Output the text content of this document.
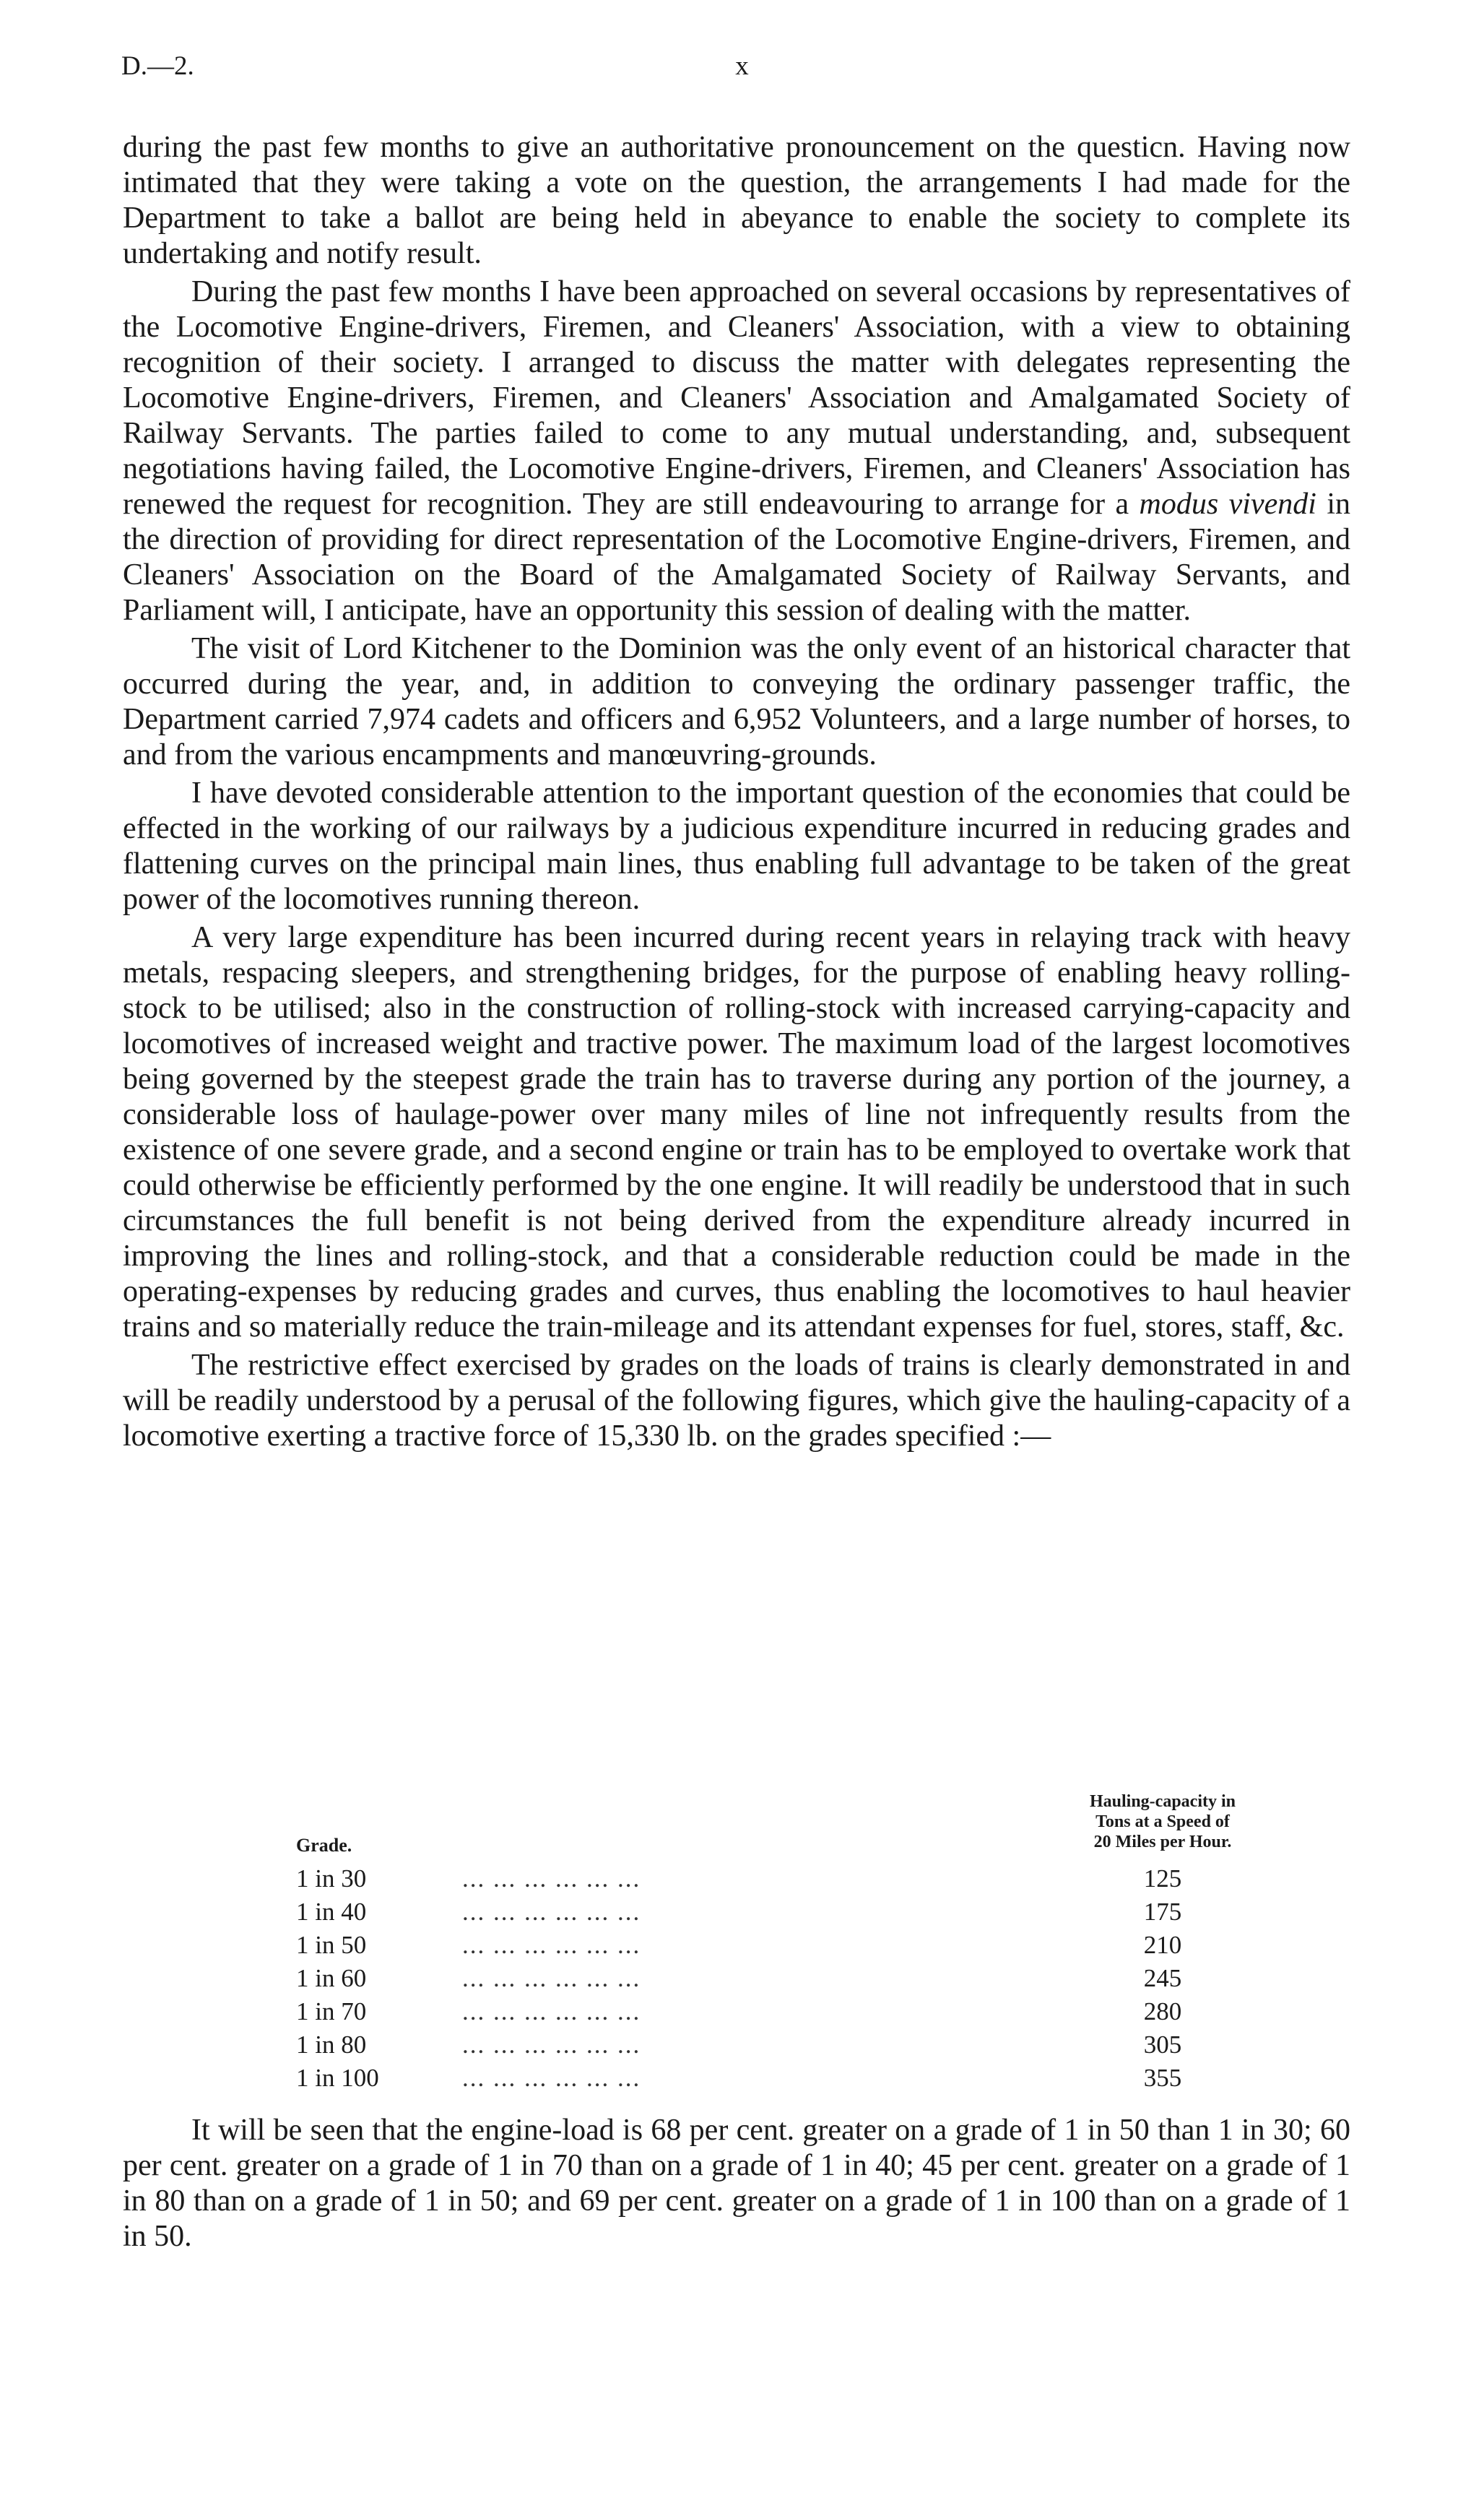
D.—2.	x

during the past few months to give an authoritative pronouncement on the questicn. Having now intimated that they were taking a vote on the question, the arrangements I had made for the Department to take a ballot are being held in abeyance to enable the society to complete its undertaking and notify result.

During the past few months I have been approached on several occasions by representatives of the Locomotive Engine-drivers, Firemen, and Cleaners' Association, with a view to obtaining recognition of their society. I arranged to discuss the matter with delegates representing the Locomotive Engine-drivers, Firemen, and Cleaners' Association and Amalgamated Society of Railway Servants. The parties failed to come to any mutual understanding, and, subsequent negotiations having failed, the Locomotive Engine-drivers, Firemen, and Cleaners' Association has renewed the request for recognition. They are still endeavouring to arrange for a modus vivendi in the direction of providing for direct representation of the Locomotive Engine-drivers, Firemen, and Cleaners' Association on the Board of the Amalgamated Society of Railway Servants, and Parliament will, I anticipate, have an opportunity this session of dealing with the matter.

The visit of Lord Kitchener to the Dominion was the only event of an historical character that occurred during the year, and, in addition to conveying the ordinary passenger traffic, the Department carried 7,974 cadets and officers and 6,952 Volunteers, and a large number of horses, to and from the various encampments and manœuvring-grounds.

I have devoted considerable attention to the important question of the economies that could be effected in the working of our railways by a judicious expenditure incurred in reducing grades and flattening curves on the principal main lines, thus enabling full advantage to be taken of the great power of the locomotives running thereon.

A very large expenditure has been incurred during recent years in relaying track with heavy metals, respacing sleepers, and strengthening bridges, for the purpose of enabling heavy rolling-stock to be utilised; also in the construction of rolling-stock with increased carrying-capacity and locomotives of increased weight and tractive power. The maximum load of the largest locomotives being governed by the steepest grade the train has to traverse during any portion of the journey, a considerable loss of haulage-power over many miles of line not infrequently results from the existence of one severe grade, and a second engine or train has to be employed to overtake work that could otherwise be efficiently performed by the one engine. It will readily be understood that in such circumstances the full benefit is not being derived from the expenditure already incurred in improving the lines and rolling-stock, and that a considerable reduction could be made in the operating-expenses by reducing grades and curves, thus enabling the locomotives to haul heavier trains and so materially reduce the train-mileage and its attendant expenses for fuel, stores, staff, &c.

The restrictive effect exercised by grades on the loads of trains is clearly demonstrated in and will be readily understood by a perusal of the following figures, which give the hauling-capacity of a locomotive exerting a tractive force of 15,330 lb. on the grades specified :—

Grade.
Hauling-capacity in
Tons at a Speed of
20 Miles per Hour.
1 in 30	... ... ... ... ... ...	125
1 in 40	... ... ... ... ... ...	175
1 in 50	... ... ... ... ... ...	210
1 in 60	... ... ... ... ... ...	245
1 in 70	... ... ... ... ... ...	280
1 in 80	... ... ... ... ... ...	305
1 in 100	... ... ... ... ... ...	355

It will be seen that the engine-load is 68 per cent. greater on a grade of 1 in 50 than 1 in 30; 60 per cent. greater on a grade of 1 in 70 than on a grade of 1 in 40; 45 per cent. greater on a grade of 1 in 80 than on a grade of 1 in 50; and 69 per cent. greater on a grade of 1 in 100 than on a grade of 1 in 50.
